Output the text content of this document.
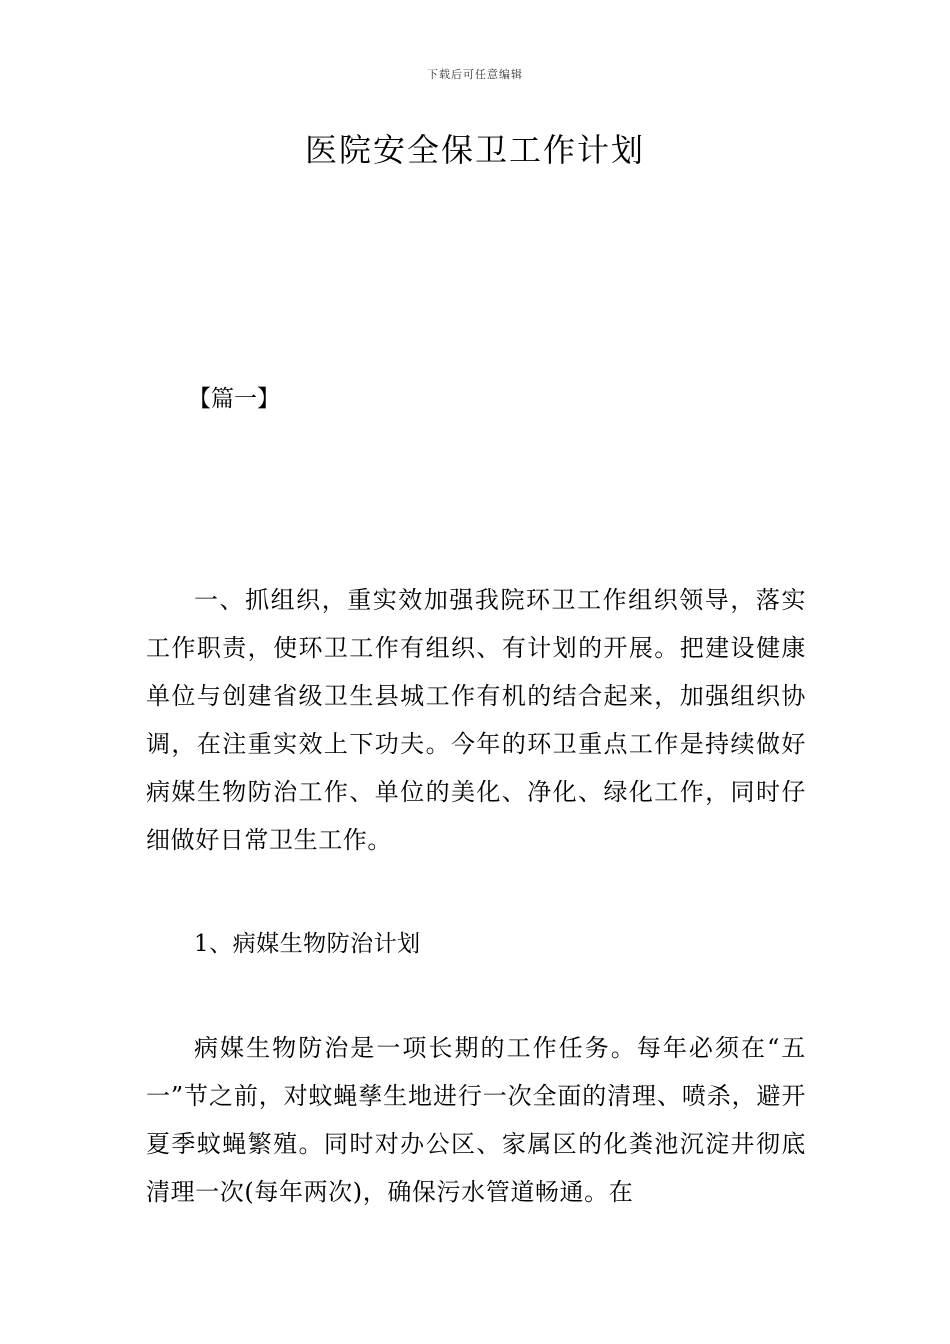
下载后可任意编辑
医院安全保卫工作计划
【篇一】

一、抓组织，重实效加强我院环卫工作组织领导，落实工作职责，使环卫工作有组织、有计划的开展。把建设健康单位与创建省级卫生县城工作有机的结合起来，加强组织协调，在注重实效上下功夫。今年的环卫重点工作是持续做好病媒生物防治工作、单位的美化、净化、绿化工作，同时仔细做好日常卫生工作。

1、病媒生物防治计划

病媒生物防治是一项长期的工作任务。每年必须在“五一”节之前，对蚊蝇孳生地进行一次全面的清理、喷杀，避开夏季蚊蝇繁殖。同时对办公区、家属区的化粪池沉淀井彻底清理一次(每年两次)，确保污水管道畅通。在
